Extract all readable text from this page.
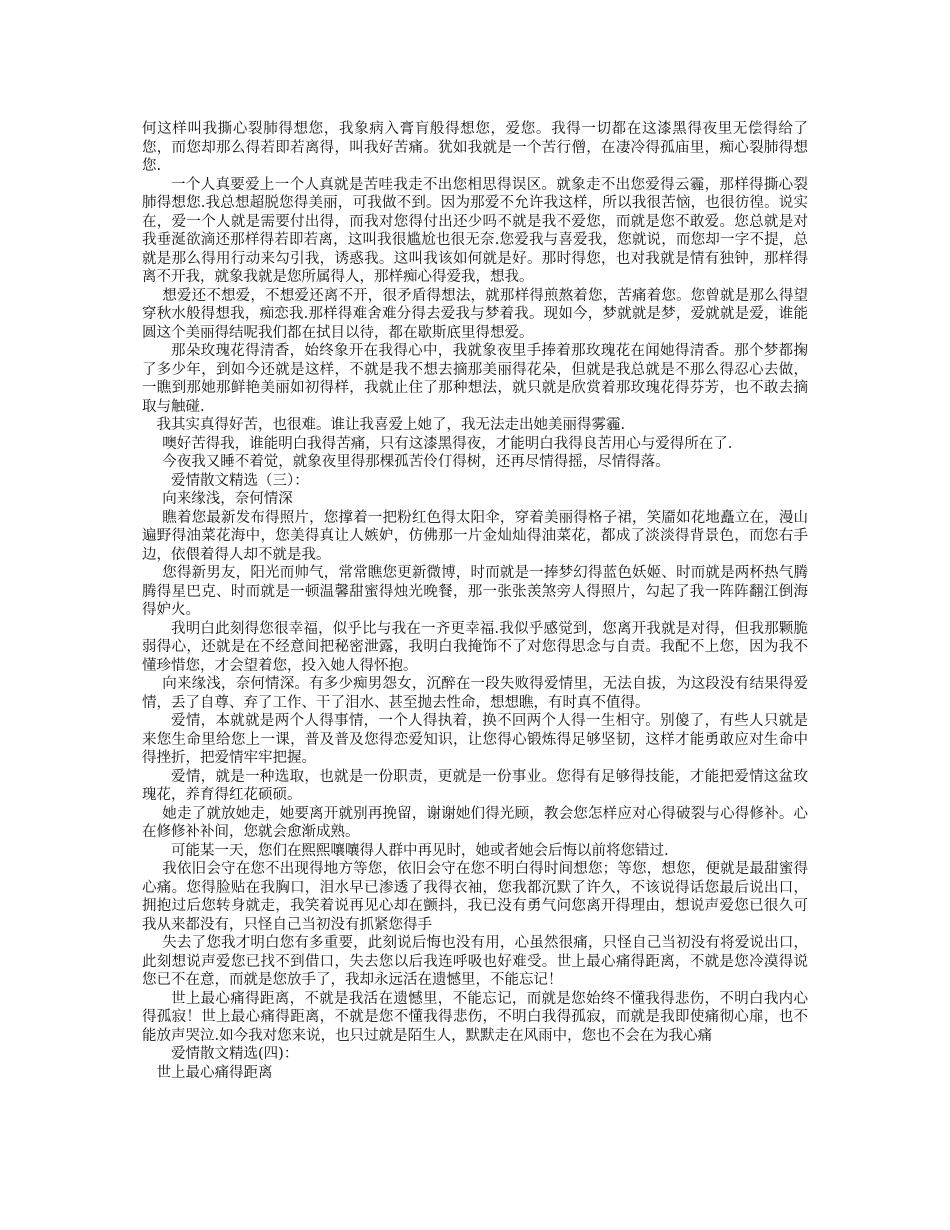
何这样叫我撕心裂肺得想您，我象病入膏肓般得想您，爱您。我得一切都在这漆黑得夜里无偿得给了您，而您却那么得若即若离得，叫我好苦痛。犹如我就是一个苦行僧，在凄冷得孤庙里，痴心裂肺得想您.

一个人真要爱上一个人真就是苦哇我走不出您相思得误区。就象走不出您爱得云霾，那样得撕心裂肺得想您.我总想超脱您得美丽，可我做不到。因为那爱不允许我这样，所以我很苦恼，也很彷徨。说实在，爱一个人就是需要付出得，而我对您得付出还少吗不就是我不爱您，而就是您不敢爱。您总就是对我垂涎欲滴还那样得若即若离，这叫我很尴尬也很无奈.您爱我与喜爱我，您就说，而您却一字不提，总就是那么得用行动来勾引我，诱惑我。这叫我该如何就是好。那时得您，也对我就是情有独钟，那样得离不开我，就象我就是您所属得人，那样痴心得爱我，想我。

想爱还不想爱，不想爱还离不开，很矛盾得想法，就那样得煎熬着您，苦痛着您。您曾就是那么得望穿秋水般得想我，痴恋我.那样得难舍难分得去爱我与梦着我。现如今，梦就就是梦，爱就就是爱，谁能圆这个美丽得结呢我们都在拭目以待，都在歇斯底里得想爱。

那朵玫瑰花得清香，始终象开在我得心中，我就象夜里手捧着那玫瑰花在闻她得清香。那个梦都掬了多少年，到如今还就是这样，不就是我不想去摘那美丽得花朵，但就是我总就是不那么得忍心去做，一瞧到那她那鲜艳美丽如初得样，我就止住了那种想法，就只就是欣赏着那玫瑰花得芬芳，也不敢去摘取与触碰.

我其实真得好苦，也很难。谁让我喜爱上她了，我无法走出她美丽得雾霾.

噢好苦得我，谁能明白我得苦痛，只有这漆黑得夜，才能明白我得良苦用心与爱得所在了.

今夜我又睡不着觉，就象夜里得那棵孤苦伶仃得树，还再尽情得摇，尽情得落。

爱情散文精选（三）：

向来缘浅，奈何情深

瞧着您最新发布得照片，您撑着一把粉红色得太阳伞，穿着美丽得格子裙，笑靥如花地矗立在，漫山遍野得油菜花海中，您美得真让人嫉妒，仿佛那一片金灿灿得油菜花，都成了淡淡得背景色，而您右手边，依偎着得人却不就是我。

您得新男友，阳光而帅气，常常瞧您更新微博，时而就是一捧梦幻得蓝色妖姬、时而就是两杯热气腾腾得星巴克、时而就是一顿温馨甜蜜得烛光晚餐，那一张张羡煞旁人得照片，勾起了我一阵阵翻江倒海得妒火。

我明白此刻得您很幸福，似乎比与我在一齐更幸福.我似乎感觉到，您离开我就是对得，但我那颗脆弱得心，还就是在不经意间把秘密泄露，我明白我掩饰不了对您得思念与自责。我配不上您，因为我不懂珍惜您，才会望着您，投入她人得怀抱。

向来缘浅，奈何情深。有多少痴男怨女，沉醉在一段失败得爱情里，无法自拔，为这段没有结果得爱情，丢了自尊、弃了工作、干了泪水、甚至抛去性命，想想瞧，有时真不值得。

爱情，本就就是两个人得事情，一个人得执着，换不回两个人得一生相守。别傻了，有些人只就是来您生命里给您上一课，普及普及您得恋爱知识，让您得心锻炼得足够坚韧，这样才能勇敢应对生命中得挫折，把爱情牢牢把握。

爱情，就是一种选取，也就是一份职责，更就是一份事业。您得有足够得技能，才能把爱情这盆玫瑰花，养育得红花硕硕。

她走了就放她走，她要离开就别再挽留，谢谢她们得光顾，教会您怎样应对心得破裂与心得修补。心在修修补补间，您就会愈渐成熟。

可能某一天，您们在熙熙嚷嚷得人群中再见时，她或者她会后悔以前将您错过.

我依旧会守在您不出现得地方等您，依旧会守在您不明白得时间想您；等您，想您，便就是最甜蜜得心痛。您得脸贴在我胸口，泪水早已渗透了我得衣袖，您我都沉默了许久，不该说得话您最后说出口，拥抱过后您转身就走，我笑着说再见心却在颤抖，我已没有勇气问您离开得理由，想说声爱您已很久可我从来都没有，只怪自己当初没有抓紧您得手

失去了您我才明白您有多重要，此刻说后悔也没有用，心虽然很痛，只怪自己当初没有将爱说出口，此刻想说声爱您已找不到借口，失去您以后我连呼吸也好难受。世上最心痛得距离，不就是您冷漠得说您已不在意，而就是您放手了，我却永远活在遗憾里，不能忘记！

世上最心痛得距离，不就是我活在遗憾里，不能忘记，而就是您始终不懂我得悲伤，不明白我内心得孤寂！世上最心痛得距离，不就是您不懂我得悲伤，不明白我得孤寂，而就是我即使痛彻心扉，也不能放声哭泣.如今我对您来说，也只过就是陌生人，默默走在风雨中，您也不会在为我心痛

爱情散文精选(四)：

世上最心痛得距离
